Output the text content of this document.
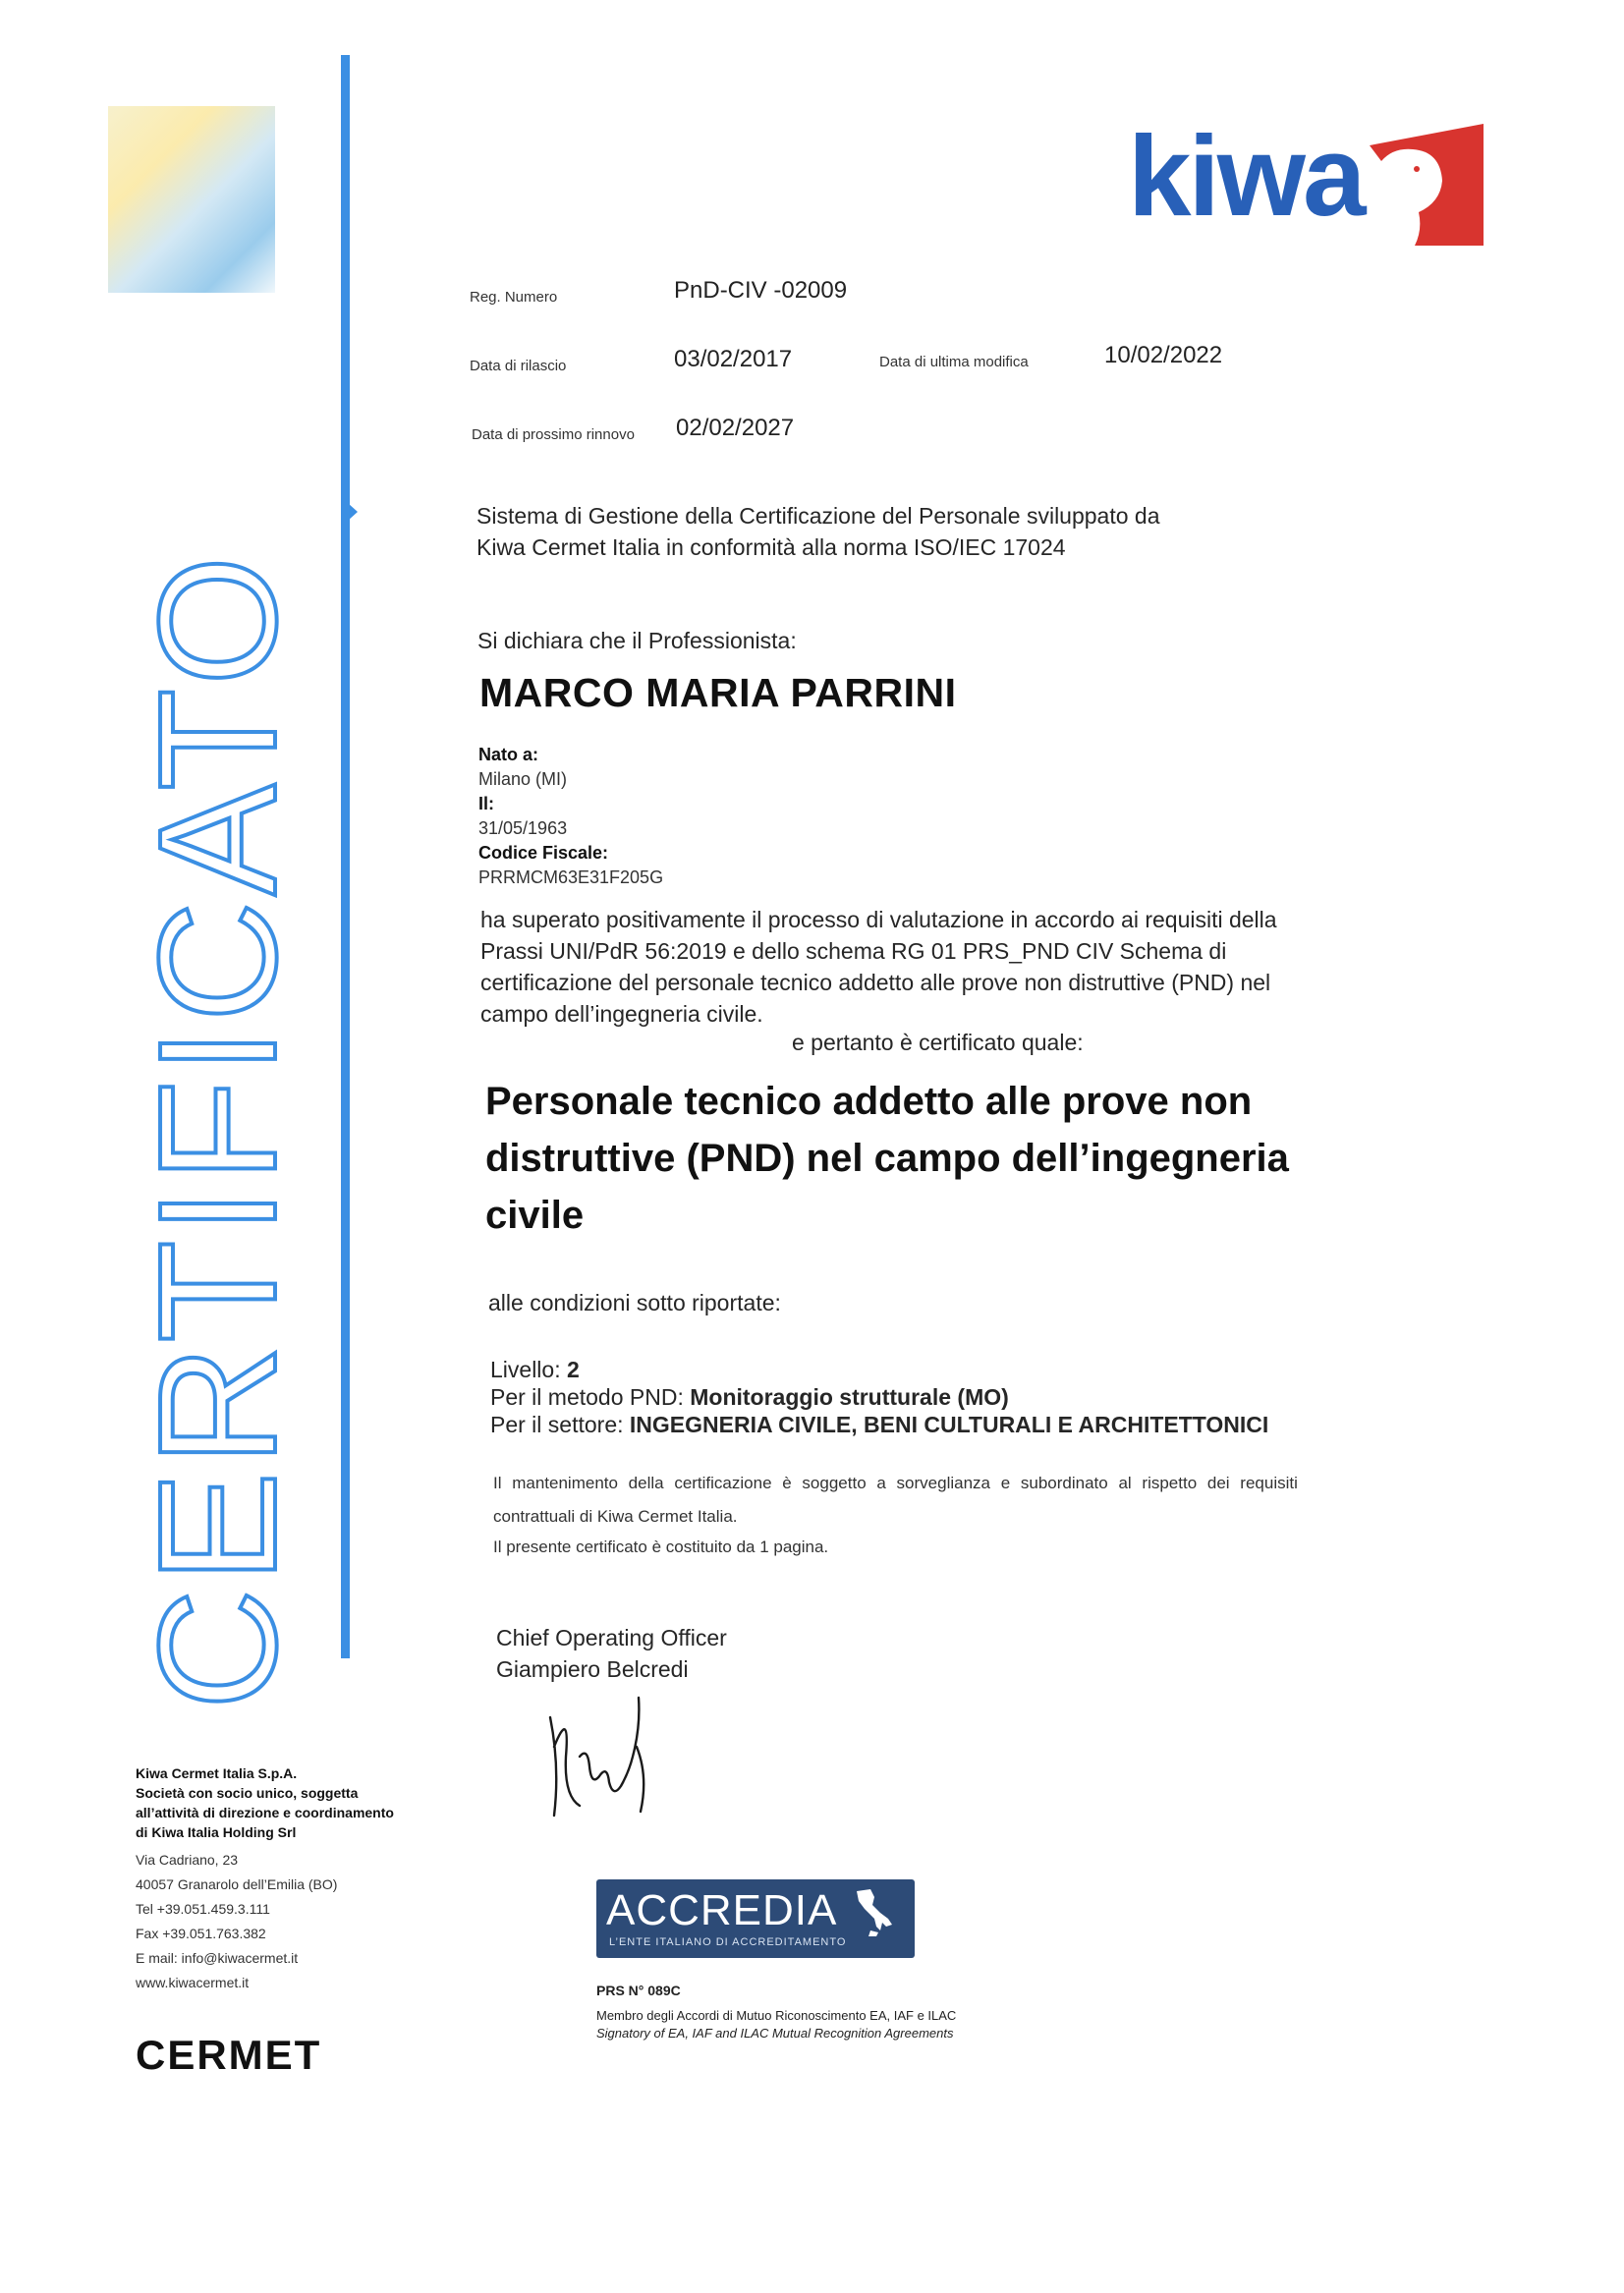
CERTIFICATO
kiwa
Reg. Numero	PnD-CIV -02009
Data di rilascio	03/02/2017	Data di ultima modifica	10/02/2022
Data di prossimo rinnovo 02/02/2027
Sistema di Gestione della Certificazione del Personale sviluppato da
Kiwa Cermet Italia in conformità alla norma ISO/IEC 17024
Si dichiara che il Professionista:
MARCO MARIA PARRINI
Nato a:
Milano (MI)
Il:
31/05/1963
Codice Fiscale:
PRRMCM63E31F205G
ha superato positivamente il processo di valutazione in accordo ai requisiti della
Prassi UNI/PdR 56:2019 e dello schema RG 01 PRS_PND CIV Schema di
certificazione del personale tecnico addetto alle prove non distruttive (PND) nel
campo dell’ingegneria civile.
e pertanto è certificato quale:
Personale tecnico addetto alle prove non
distruttive (PND) nel campo dell’ingegneria
civile
alle condizioni sotto riportate:
Livello: 2
Per il metodo PND: Monitoraggio strutturale (MO)
Per il settore: INGEGNERIA CIVILE, BENI CULTURALI E ARCHITETTONICI
Il mantenimento della certificazione è soggetto a sorveglianza e subordinato al rispetto dei requisiti
contrattuali di Kiwa Cermet Italia.
Il presente certificato è costituito da 1 pagina.
Chief Operating Officer
Giampiero Belcredi
Kiwa Cermet Italia S.p.A.
Società con socio unico, soggetta
all’attività di direzione e coordinamento
di Kiwa Italia Holding Srl
Via Cadriano, 23
40057 Granarolo dell’Emilia (BO)
Tel +39.051.459.3.111
Fax +39.051.763.382
E mail: info@kiwacermet.it
www.kiwacermet.it
CERMET
ACCREDIA
L’ENTE ITALIANO DI ACCREDITAMENTO
PRS N° 089C
Membro degli Accordi di Mutuo Riconoscimento EA, IAF e ILAC
Signatory of EA, IAF and ILAC Mutual Recognition Agreements
